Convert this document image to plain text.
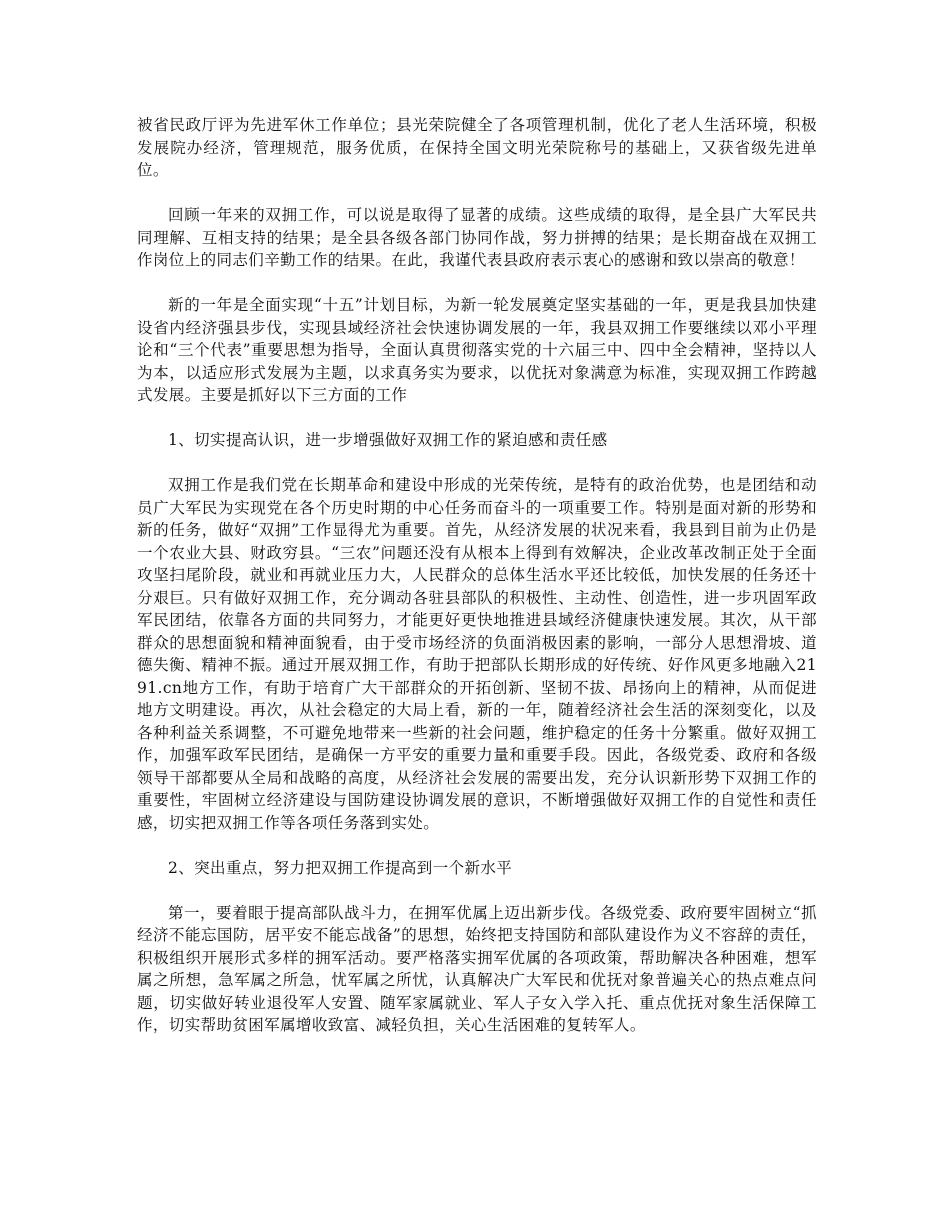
被省民政厅评为先进军休工作单位；县光荣院健全了各项管理机制，优化了老人生活环境，积极发展院办经济，管理规范，服务优质，在保持全国文明光荣院称号的基础上，又获省级先进单位。

回顾一年来的双拥工作，可以说是取得了显著的成绩。这些成绩的取得，是全县广大军民共同理解、互相支持的结果；是全县各级各部门协同作战，努力拼搏的结果；是长期奋战在双拥工作岗位上的同志们辛勤工作的结果。在此，我谨代表县政府表示衷心的感谢和致以崇高的敬意！

新的一年是全面实现“十五”计划目标，为新一轮发展奠定坚实基础的一年，更是我县加快建设省内经济强县步伐，实现县域经济社会快速协调发展的一年，我县双拥工作要继续以邓小平理论和“三个代表”重要思想为指导，全面认真贯彻落实党的十六届三中、四中全会精神，坚持以人为本，以适应形式发展为主题，以求真务实为要求，以优抚对象满意为标准，实现双拥工作跨越式发展。主要是抓好以下三方面的工作

1、切实提高认识，进一步增强做好双拥工作的紧迫感和责任感

双拥工作是我们党在长期革命和建设中形成的光荣传统，是特有的政治优势，也是团结和动员广大军民为实现党在各个历史时期的中心任务而奋斗的一项重要工作。特别是面对新的形势和新的任务，做好“双拥”工作显得尤为重要。首先，从经济发展的状况来看，我县到目前为止仍是一个农业大县、财政穷县。“三农”问题还没有从根本上得到有效解决，企业改革改制正处于全面攻坚扫尾阶段，就业和再就业压力大，人民群众的总体生活水平还比较低，加快发展的任务还十分艰巨。只有做好双拥工作，充分调动各驻县部队的积极性、主动性、创造性，进一步巩固军政军民团结，依靠各方面的共同努力，才能更好更快地推进县域经济健康快速发展。其次，从干部群众的思想面貌和精神面貌看，由于受市场经济的负面消极因素的影响，一部分人思想滑坡、道德失衡、精神不振。通过开展双拥工作，有助于把部队长期形成的好传统、好作风更多地融入2191.cn地方工作，有助于培育广大干部群众的开拓创新、坚韧不拔、昂扬向上的精神，从而促进地方文明建设。再次，从社会稳定的大局上看，新的一年，随着经济社会生活的深刻变化，以及各种利益关系调整，不可避免地带来一些新的社会问题，维护稳定的任务十分繁重。做好双拥工作，加强军政军民团结，是确保一方平安的重要力量和重要手段。因此，各级党委、政府和各级领导干部都要从全局和战略的高度，从经济社会发展的需要出发，充分认识新形势下双拥工作的重要性，牢固树立经济建设与国防建设协调发展的意识，不断增强做好双拥工作的自觉性和责任感，切实把双拥工作等各项任务落到实处。

2、突出重点，努力把双拥工作提高到一个新水平

第一，要着眼于提高部队战斗力，在拥军优属上迈出新步伐。各级党委、政府要牢固树立“抓经济不能忘国防，居平安不能忘战备”的思想，始终把支持国防和部队建设作为义不容辞的责任，积极组织开展形式多样的拥军活动。要严格落实拥军优属的各项政策，帮助解决各种困难，想军属之所想，急军属之所急，忧军属之所忧，认真解决广大军民和优抚对象普遍关心的热点难点问题，切实做好转业退役军人安置、随军家属就业、军人子女入学入托、重点优抚对象生活保障工作，切实帮助贫困军属增收致富、减轻负担，关心生活困难的复转军人。
